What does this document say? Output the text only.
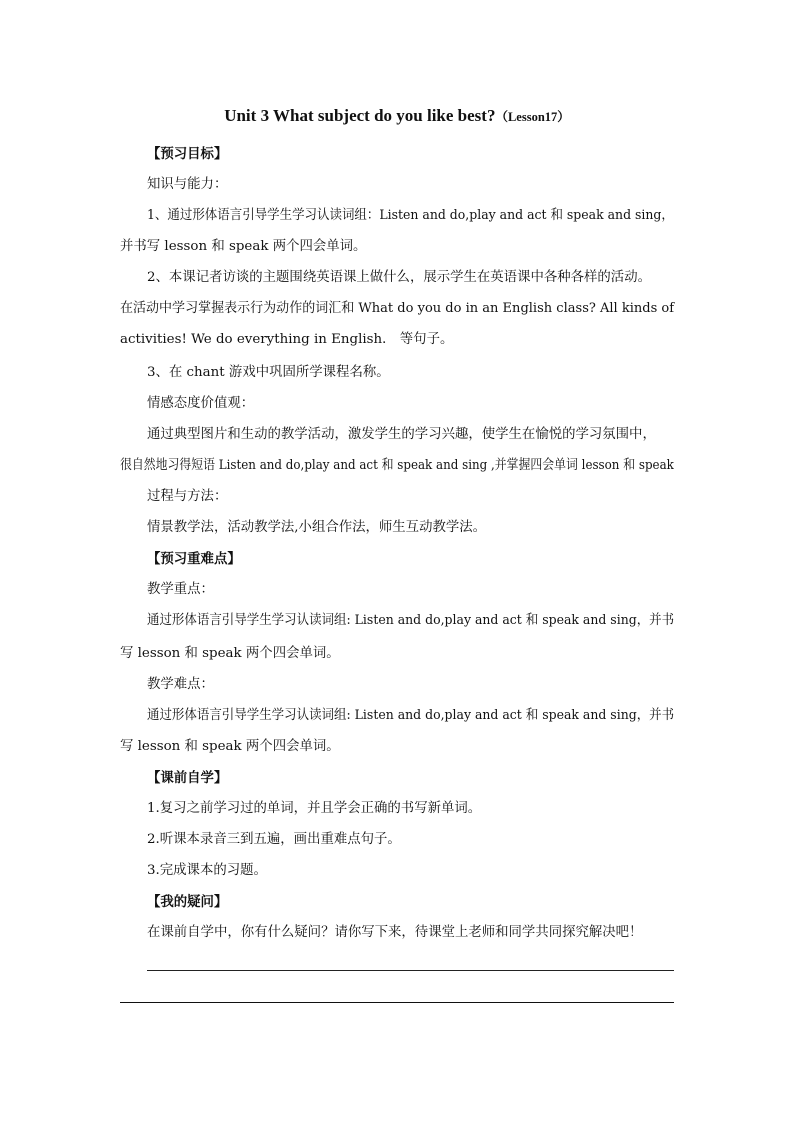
Unit 3 What subject do you like best?（Lesson17）
【预习目标】
知识与能力：
1、通过形体语言引导学生学习认读词组：Listen and do,play and act 和 speak and sing，
并书写 lesson 和 speak 两个四会单词。
2、本课记者访谈的主题围绕英语课上做什么，展示学生在英语课中各种各样的活动。
在活动中学习掌握表示行为动作的词汇和 What do you do in an English class? All kinds of
activities! We do everything in English． 等句子。
3、在 chant 游戏中巩固所学课程名称。
情感态度价值观：
通过典型图片和生动的教学活动，激发学生的学习兴趣，使学生在愉悦的学习氛围中，
很自然地习得短语 Listen and do,play and act 和 speak and sing ,并掌握四会单词 lesson 和 speak
过程与方法：
情景教学法，活动教学法,小组合作法，师生互动教学法。
【预习重难点】
教学重点：
通过形体语言引导学生学习认读词组: Listen and do,play and act 和 speak and sing，并书
写 lesson 和 speak 两个四会单词。
教学难点：
通过形体语言引导学生学习认读词组: Listen and do,play and act 和 speak and sing，并书
写 lesson 和 speak 两个四会单词。
【课前自学】
1.复习之前学习过的单词，并且学会正确的书写新单词。
2.听课本录音三到五遍，画出重难点句子。
3.完成课本的习题。
【我的疑问】
在课前自学中，你有什么疑问？请你写下来，待课堂上老师和同学共同探究解决吧！
